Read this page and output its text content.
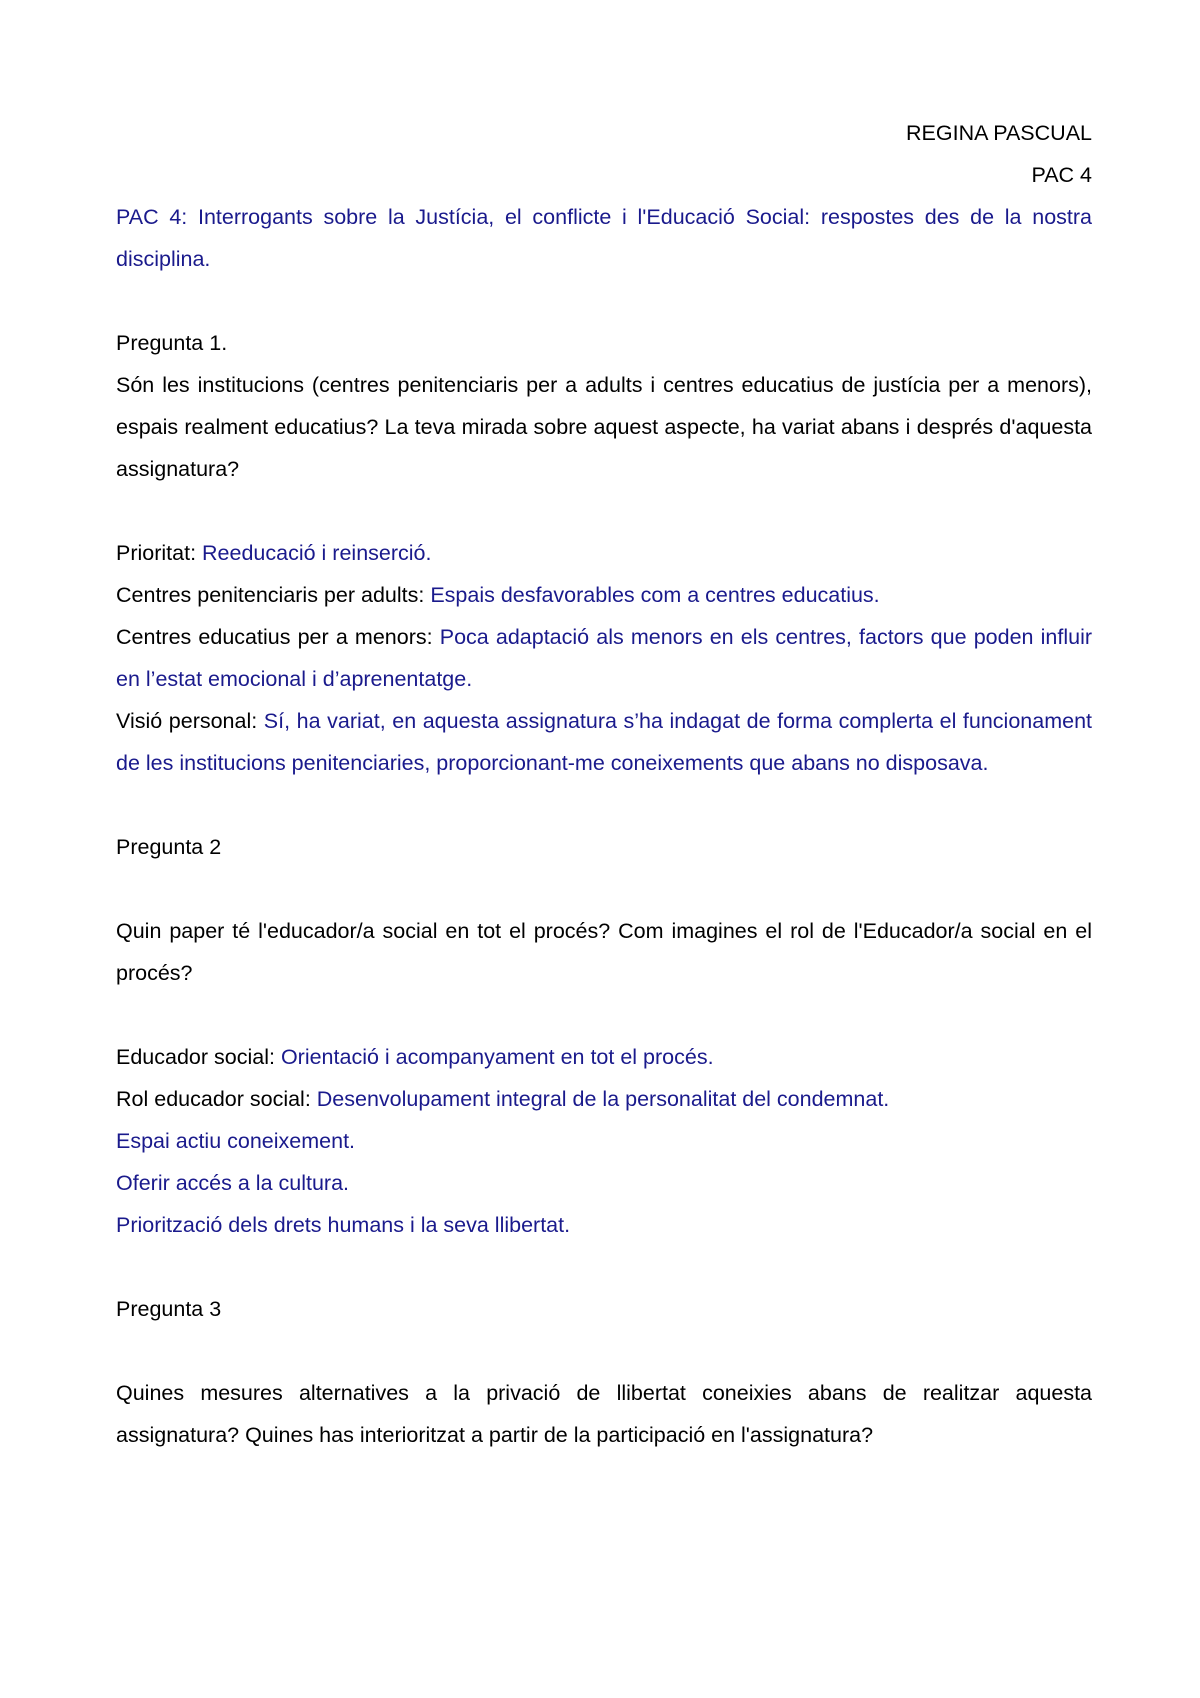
REGINA PASCUAL

PAC 4

PAC 4: Interrogants sobre la Justícia, el conflicte i l'Educació Social: respostes des de la nostra disciplina.

Pregunta 1.

Són les institucions (centres penitenciaris per a adults i centres educatius de justícia per a menors), espais realment educatius? La teva mirada sobre aquest aspecte, ha variat abans i després d'aquesta assignatura?

Prioritat: Reeducació i reinserció.

Centres penitenciaris per adults: Espais desfavorables com a centres educatius.

Centres educatius per a menors: Poca adaptació als menors en els centres, factors que poden influir en l’estat emocional i d’aprenentatge.

Visió personal: Sí, ha variat, en aquesta assignatura s’ha indagat de forma complerta el funcionament de les institucions penitenciaries, proporcionant-me coneixements que abans no disposava.

Pregunta 2

Quin paper té l'educador/a social en tot el procés? Com imagines el rol de l'Educador/a social en el procés?

Educador social: Orientació i acompanyament en tot el procés.

Rol educador social: Desenvolupament integral de la personalitat del condemnat.

Espai actiu coneixement.

Oferir accés a la cultura.

Priorització dels drets humans i la seva llibertat.

Pregunta 3

Quines mesures alternatives a la privació de llibertat coneixies abans de realitzar aquesta assignatura? Quines has interioritzat a partir de la participació en l'assignatura?
